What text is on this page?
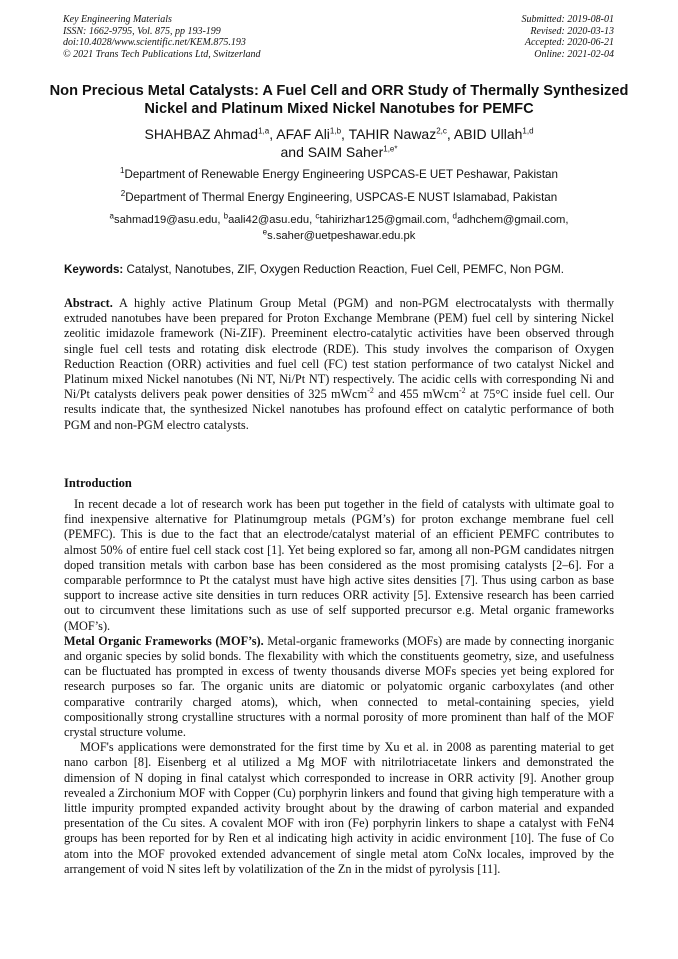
Key Engineering Materials
ISSN: 1662-9795, Vol. 875, pp 193-199
doi:10.4028/www.scientific.net/KEM.875.193
© 2021 Trans Tech Publications Ltd, Switzerland
Submitted: 2019-08-01
Revised: 2020-03-13
Accepted: 2020-06-21
Online: 2021-02-04
Non Precious Metal Catalysts: A Fuel Cell and ORR Study of Thermally Synthesized Nickel and Platinum Mixed Nickel Nanotubes for PEMFC
SHAHBAZ Ahmad$^{1,a}$, AFAF Ali$^{1,b}$, TAHIR Nawaz$^{2,c}$, ABID Ullah$^{1,d}$
and SAIM Saher$^{1,e*}$
$^1$Department of Renewable Energy Engineering USPCAS-E UET Peshawar, Pakistan
$^2$Department of Thermal Energy Engineering, USPCAS-E NUST Islamabad, Pakistan
$^a$sahmad19@asu.edu, $^b$aali42@asu.edu, $^c$tahirizhar125@gmail.com, $^d$adhchem@gmail.com,
$^e$s.saher@uetpeshawar.edu.pk
Keywords: Catalyst, Nanotubes, ZIF, Oxygen Reduction Reaction, Fuel Cell, PEMFC, Non PGM.
Abstract. A highly active Platinum Group Metal (PGM) and non-PGM electrocatalysts with thermally extruded nanotubes have been prepared for Proton Exchange Membrane (PEM) fuel cell by sintering Nickel zeolitic imidazole framework (Ni-ZIF). Preeminent electro-catalytic activities have been observed through single fuel cell tests and rotating disk electrode (RDE). This study involves the comparison of Oxygen Reduction Reaction (ORR) activities and fuel cell (FC) test station performance of two catalyst Nickel and Platinum mixed Nickel nanotubes (Ni NT, Ni/Pt NT) respectively. The acidic cells with corresponding Ni and Ni/Pt catalysts delivers peak power densities of 325 mWcm$^{-2}$ and 455 mWcm$^{-2}$ at 75°C inside fuel cell. Our results indicate that, the synthesized Nickel nanotubes has profound effect on catalytic performance of both PGM and non-PGM electro catalysts.
Introduction

In recent decade a lot of research work has been put together in the field of catalysts with ultimate goal to find inexpensive alternative for Platinumgroup metals (PGM’s) for proton exchange membrane fuel cell (PEMFC). This is due to the fact that an electrode/catalyst material of an efficient PEMFC contributes to almost 50% of entire fuel cell stack cost [1]. Yet being explored so far, among all non-PGM candidates nitrgen doped transition metals with carbon base has been considered as the most promising catalysts [2–6]. For a comparable performnce to Pt the catalyst must have high active sites densities [7]. Thus using carbon as base support to increase active site densities in turn reduces ORR activity [5]. Extensive research has been carried out to circumvent these limitations such as use of self supported precursor e.g. Metal organic frameworks (MOF’s).

Metal Organic Frameworks (MOF’s). Metal-organic frameworks (MOFs) are made by connecting inorganic and organic species by solid bonds. The flexability with which the constituents geometry, size, and usefulness can be fluctuated has prompted in excess of twenty thousands diverse MOFs species yet being explored for research purposes so far. The organic units are diatomic or polyatomic organic carboxylates (and other comparative contrarily charged atoms), which, when connected to metal-containing species, yield compositionally strong crystalline structures with a normal porosity of more prominent than half of the MOF crystal structure volume.

MOF's applications were demonstrated for the first time by Xu et al. in 2008 as parenting material to get nano carbon [8]. Eisenberg et al utilized a Mg MOF with nitrilotriacetate linkers and demonstrated the dimension of N doping in final catalyst which corresponded to increase in ORR activity [9]. Another group revealed a Zirchonium MOF with Copper (Cu) porphyrin linkers and found that giving high temperature with a little impurity prompted expanded activity brought about by the drawing of carbon material and expanded presentation of the Cu sites. A covalent MOF with iron (Fe) porphyrin linkers to shape a catalyst with FeN4 groups has been reported for by Ren et al indicating high activity in acidic environment [10]. The fuse of Co atom into the MOF provoked extended advancement of single metal atom CoNx locales, improved by the arrangement of void N sites left by volatilization of the Zn in the midst of pyrolysis [11].
